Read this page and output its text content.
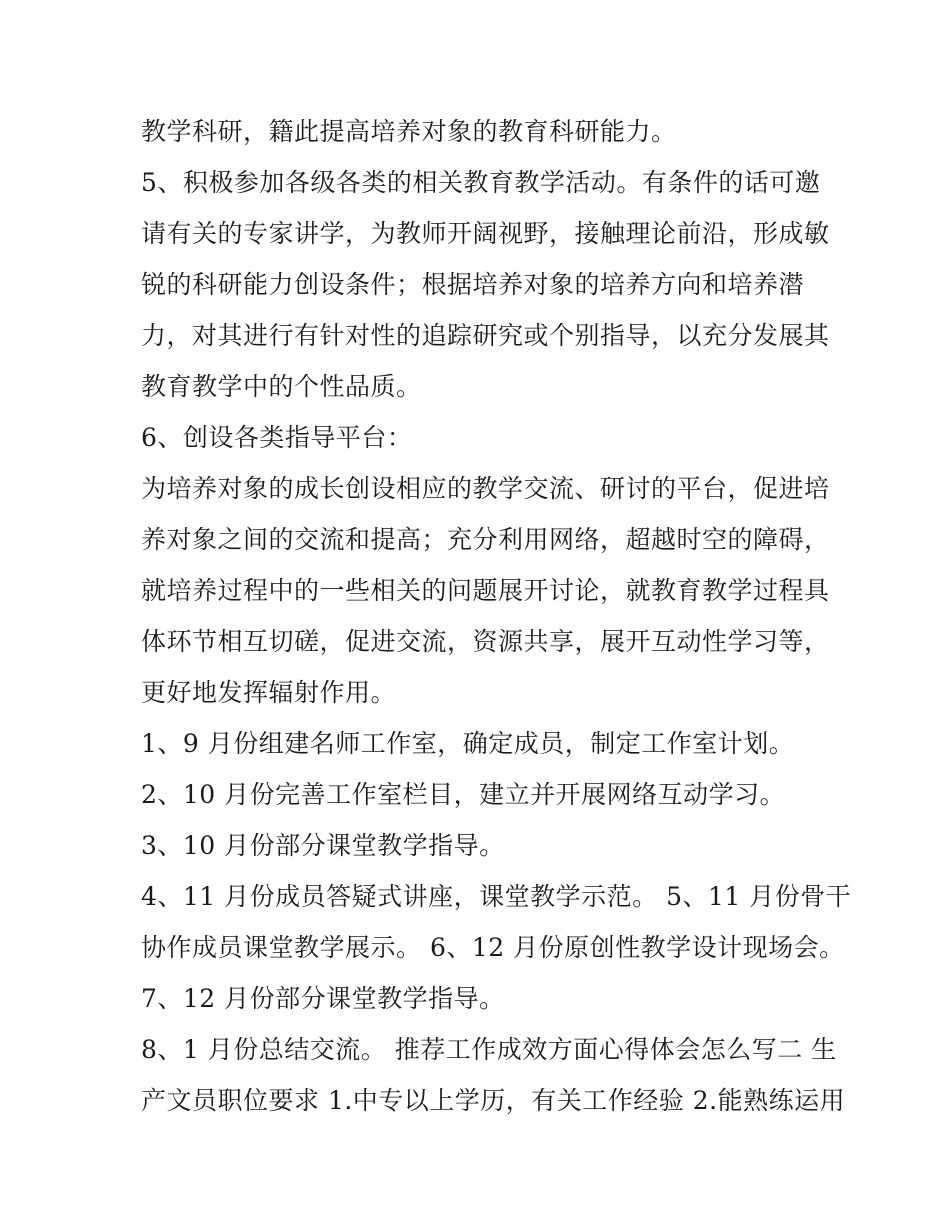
教学科研，籍此提高培养对象的教育科研能力。
5、积极参加各级各类的相关教育教学活动。有条件的话可邀
请有关的专家讲学，为教师开阔视野，接触理论前沿，形成敏
锐的科研能力创设条件；根据培养对象的培养方向和培养潜
力，对其进行有针对性的追踪研究或个别指导，以充分发展其
教育教学中的个性品质。
6、创设各类指导平台：
为培养对象的成长创设相应的教学交流、研讨的平台，促进培
养对象之间的交流和提高；充分利用网络，超越时空的障碍，
就培养过程中的一些相关的问题展开讨论，就教育教学过程具
体环节相互切磋，促进交流，资源共享，展开互动性学习等，
更好地发挥辐射作用。
1、9 月份组建名师工作室，确定成员，制定工作室计划。
2、10 月份完善工作室栏目，建立并开展网络互动学习。
3、10 月份部分课堂教学指导。
4、11 月份成员答疑式讲座，课堂教学示范。 5、11 月份骨干
协作成员课堂教学展示。 6、12 月份原创性教学设计现场会。
7、12 月份部分课堂教学指导。
8、1 月份总结交流。 推荐工作成效方面心得体会怎么写二 生
产文员职位要求 1.中专以上学历，有关工作经验 2.能熟练运用
